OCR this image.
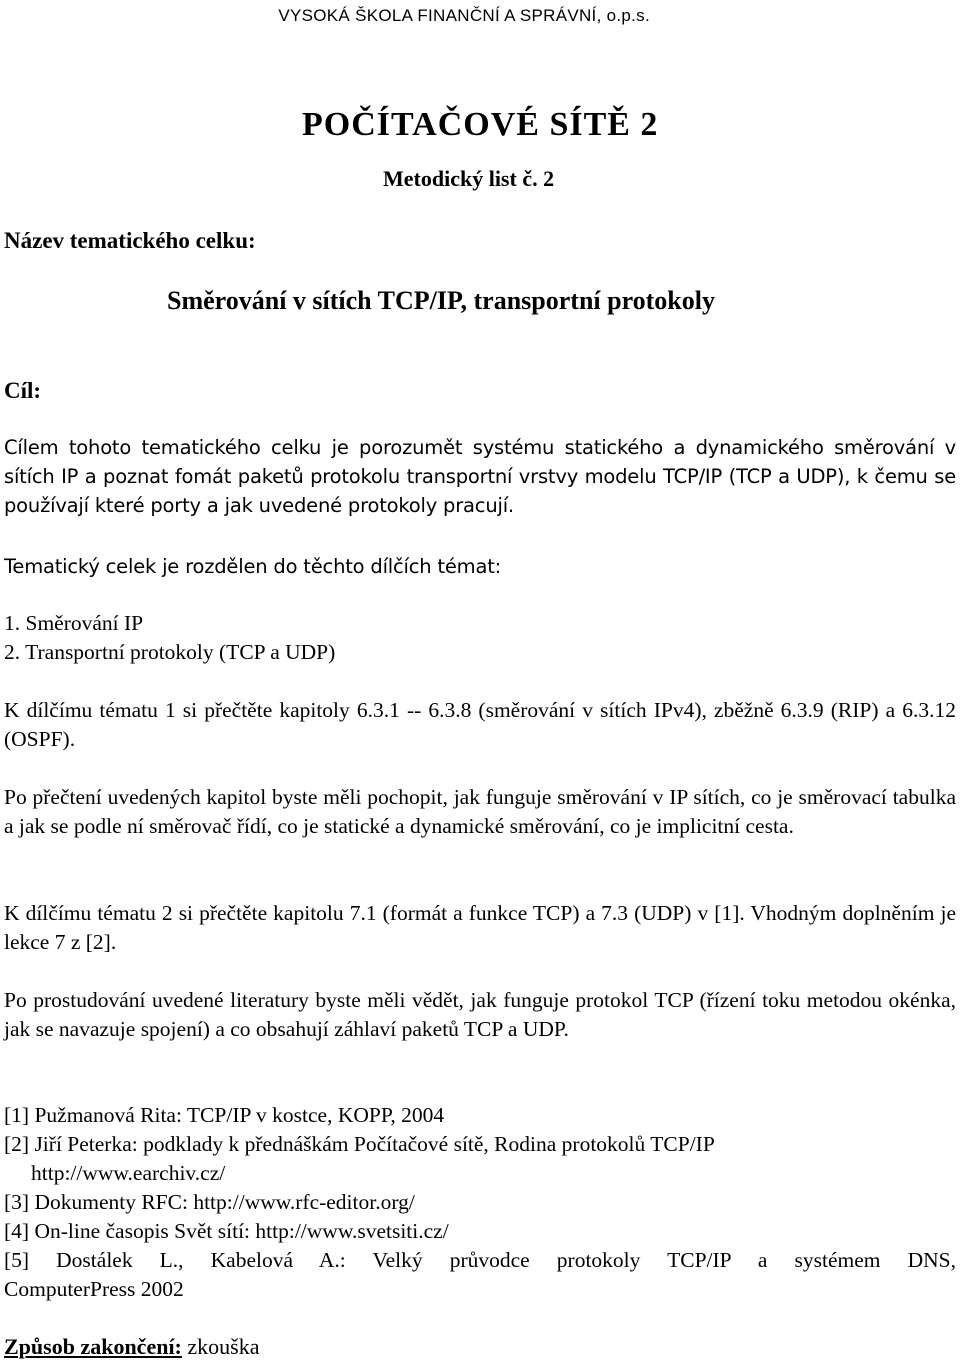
VYSOKÁ ŠKOLA FINANČNÍ A SPRÁVNÍ, o.p.s.
POČÍTAČOVÉ SÍTĚ 2
Metodický list č. 2
Název tematického celku:
Směrování v sítích TCP/IP, transportní protokoly
Cíl:

Cílem tohoto tematického celku je porozumět systému statického a dynamického směrování v sítích IP a poznat fomát paketů protokolu transportní vrstvy modelu TCP/IP (TCP a UDP), k čemu se používají které porty a jak uvedené protokoly pracují.

Tematický celek je rozdělen do těchto dílčích témat:

1. Směrování IP
2. Transportní protokoly (TCP a UDP)

K dílčímu tématu 1 si přečtěte kapitoly 6.3.1 -- 6.3.8 (směrování v sítích IPv4), zběžně 6.3.9 (RIP) a 6.3.12 (OSPF).

Po přečtení uvedených kapitol byste měli pochopit, jak funguje směrování v IP sítích, co je směrovací tabulka a jak se podle ní směrovač řídí, co je statické a dynamické směrování, co je implicitní cesta.

K dílčímu tématu 2 si přečtěte kapitolu 7.1 (formát a funkce TCP) a 7.3 (UDP) v [1]. Vhodným doplněním je lekce 7 z [2].

Po prostudování uvedené literatury byste měli vědět, jak funguje protokol TCP (řízení toku metodou okénka, jak se navazuje spojení) a co obsahují záhlaví paketů TCP a UDP.

[1] Pužmanová Rita: TCP/IP v kostce, KOPP, 2004
[2] Jiří Peterka: podklady k přednáškám Počítačové sítě, Rodina protokolů TCP/IP
http://www.earchiv.cz/
[3] Dokumenty RFC: http://www.rfc-editor.org/
[4] On-line časopis Svět sítí: http://www.svetsiti.cz/
[5] Dostálek L., Kabelová A.: Velký průvodce protokoly TCP/IP a systémem DNS,
ComputerPress 2002
Způsob zakončení: zkouška
